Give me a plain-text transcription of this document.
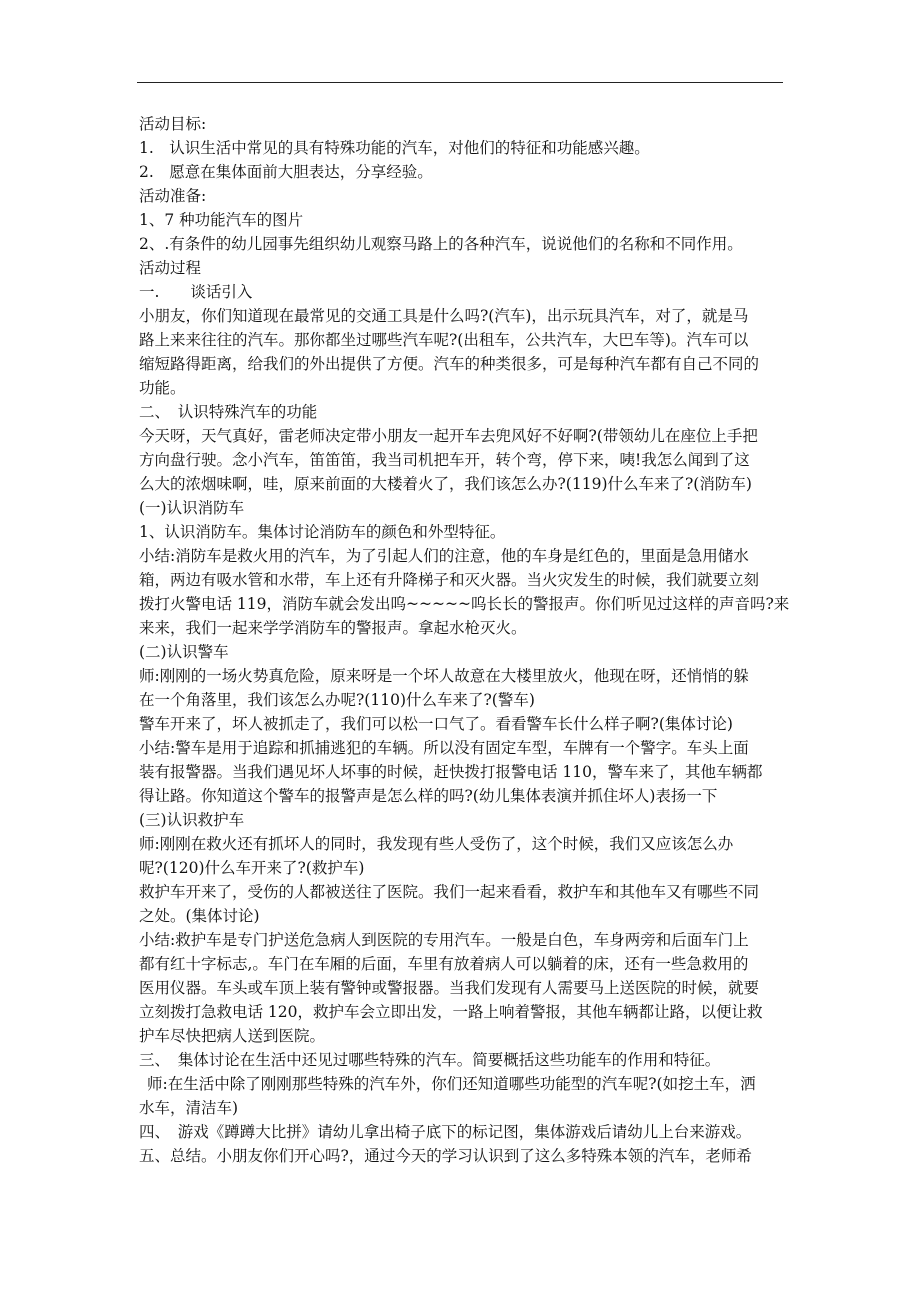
活动目标:
1.　认识生活中常见的具有特殊功能的汽车，对他们的特征和功能感兴趣。
2.　愿意在集体面前大胆表达，分享经验。
活动准备:
1、7 种功能汽车的图片
2、.有条件的幼儿园事先组织幼儿观察马路上的各种汽车，说说他们的名称和不同作用。
活动过程
一.　　谈话引入
小朋友，你们知道现在最常见的交通工具是什么吗?(汽车)，出示玩具汽车，对了，就是马
路上来来往往的汽车。那你都坐过哪些汽车呢?(出租车，公共汽车，大巴车等)。汽车可以
缩短路得距离，给我们的外出提供了方便。汽车的种类很多，可是每种汽车都有自己不同的
功能。
二、　认识特殊汽车的功能
今天呀，天气真好，雷老师决定带小朋友一起开车去兜风好不好啊?(带领幼儿在座位上手把
方向盘行驶。念小汽车，笛笛笛，我当司机把车开，转个弯，停下来，咦!我怎么闻到了这
么大的浓烟味啊，哇，原来前面的大楼着火了，我们该怎么办?(119)什么车来了?(消防车)
(一)认识消防车
1、认识消防车。集体讨论消防车的颜色和外型特征。
小结:消防车是救火用的汽车，为了引起人们的注意，他的车身是红色的，里面是急用储水
箱，两边有吸水管和水带，车上还有升降梯子和灭火器。当火灾发生的时候，我们就要立刻
拨打火警电话 119，消防车就会发出呜~~~~~呜长长的警报声。你们听见过这样的声音吗?来
来来，我们一起来学学消防车的警报声。拿起水枪灭火。
(二)认识警车
师:刚刚的一场火势真危险，原来呀是一个坏人故意在大楼里放火，他现在呀，还悄悄的躲
在一个角落里，我们该怎么办呢?(110)什么车来了?(警车)
警车开来了，坏人被抓走了，我们可以松一口气了。看看警车长什么样子啊?(集体讨论)
小结:警车是用于追踪和抓捕逃犯的车辆。所以没有固定车型，车牌有一个警字。车头上面
装有报警器。当我们遇见坏人坏事的时候，赶快拨打报警电话 110，警车来了，其他车辆都
得让路。你知道这个警车的报警声是怎么样的吗?(幼儿集体表演并抓住坏人)表扬一下
(三)认识救护车
师:刚刚在救火还有抓坏人的同时，我发现有些人受伤了，这个时候，我们又应该怎么办
呢?(120)什么车开来了?(救护车)
救护车开来了，受伤的人都被送往了医院。我们一起来看看，救护车和其他车又有哪些不同
之处。(集体讨论)
小结:救护车是专门护送危急病人到医院的专用汽车。一般是白色，车身两旁和后面车门上
都有红十字标志,。车门在车厢的后面，车里有放着病人可以躺着的床，还有一些急救用的
医用仪器。车头或车顶上装有警钟或警报器。当我们发现有人需要马上送医院的时候，就要
立刻拨打急救电话 120，救护车会立即出发，一路上响着警报，其他车辆都让路，以便让救
护车尽快把病人送到医院。
三、　集体讨论在生活中还见过哪些特殊的汽车。简要概括这些功能车的作用和特征。
师:在生活中除了刚刚那些特殊的汽车外，你们还知道哪些功能型的汽车呢?(如挖土车，洒
水车，清洁车)
四、　游戏《蹲蹲大比拼》请幼儿拿出椅子底下的标记图，集体游戏后请幼儿上台来游戏。
五、总结。小朋友你们开心吗?，通过今天的学习认识到了这么多特殊本领的汽车，老师希
